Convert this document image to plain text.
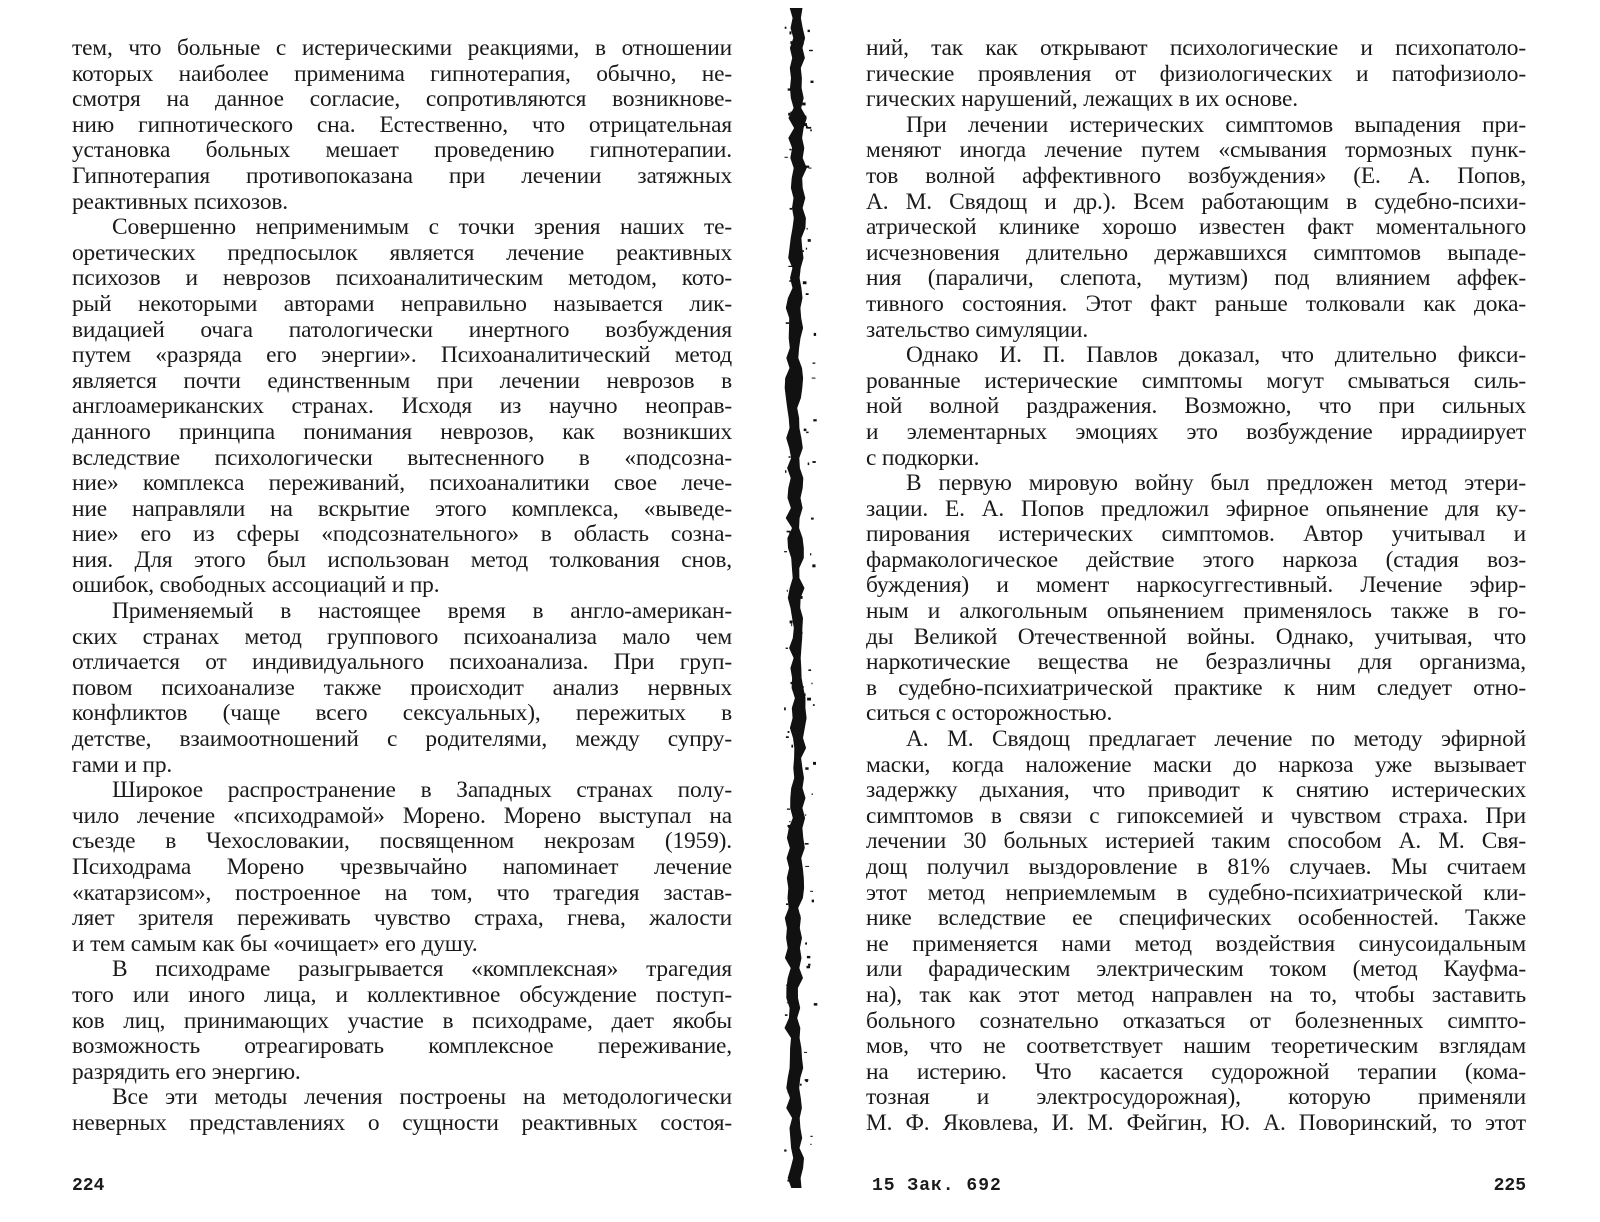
тем, что больные с истерическими реакциями, в отношении
которых наиболее применима гипнотерапия, обычно, не-
смотря на данное согласие, сопротивляются возникнове-
нию гипнотического сна. Естественно, что отрицательная
установка больных мешает проведению гипнотерапии.
Гипнотерапия противопоказана при лечении затяжных
реактивных психозов.
Совершенно неприменимым с точки зрения наших те-
оретических предпосылок является лечение реактивных
психозов и неврозов психоаналитическим методом, кото-
рый некоторыми авторами неправильно называется лик-
видацией очага патологически инертного возбуждения
путем «разряда его энергии». Психоаналитический метод
является почти единственным при лечении неврозов в
англоамериканских странах. Исходя из научно неоправ-
данного принципа понимания неврозов, как возникших
вследствие психологически вытесненного в «подсозна-
ние» комплекса переживаний, психоаналитики свое лече-
ние направляли на вскрытие этого комплекса, «выведе-
ние» его из сферы «подсознательного» в область созна-
ния. Для этого был использован метод толкования снов,
ошибок, свободных ассоциаций и пр.
Применяемый в настоящее время в англо-американ-
ских странах метод группового психоанализа мало чем
отличается от индивидуального психоанализа. При груп-
повом психоанализе также происходит анализ нервных
конфликтов (чаще всего сексуальных), пережитых в
детстве, взаимоотношений с родителями, между супру-
гами и пр.
Широкое распространение в Западных странах полу-
чило лечение «психодрамой» Морено. Морено выступал на
съезде в Чехословакии, посвященном некрозам (1959).
Психодрама Морено чрезвычайно напоминает лечение
«катарзисом», построенное на том, что трагедия застав-
ляет зрителя переживать чувство страха, гнева, жалости
и тем самым как бы «очищает» его душу.
В психодраме разыгрывается «комплексная» трагедия
того или иного лица, и коллективное обсуждение поступ-
ков лиц, принимающих участие в психодраме, дает якобы
возможность отреагировать комплексное переживание,
разрядить его энергию.
Все эти методы лечения построены на методологически
неверных представлениях о сущности реактивных состоя-
224
ний, так как открывают психологические и психопатоло-
гические проявления от физиологических и патофизиоло-
гических нарушений, лежащих в их основе.
При лечении истерических симптомов выпадения при-
меняют иногда лечение путем «смывания тормозных пунк-
тов волной аффективного возбуждения» (Е. А. Попов,
А. М. Свядощ и др.). Всем работающим в судебно-психи-
атрической клинике хорошо известен факт моментального
исчезновения длительно державшихся симптомов выпаде-
ния (параличи, слепота, мутизм) под влиянием аффек-
тивного состояния. Этот факт раньше толковали как дока-
зательство симуляции.
Однако И. П. Павлов доказал, что длительно фикси-
рованные истерические симптомы могут смываться силь-
ной волной раздражения. Возможно, что при сильных
и элементарных эмоциях это возбуждение иррадиирует
с подкорки.
В первую мировую войну был предложен метод этери-
зации. Е. А. Попов предложил эфирное опьянение для ку-
пирования истерических симптомов. Автор учитывал и
фармакологическое действие этого наркоза (стадия воз-
буждения) и момент наркосуггестивный. Лечение эфир-
ным и алкогольным опьянением применялось также в го-
ды Великой Отечественной войны. Однако, учитывая, что
наркотические вещества не безразличны для организма,
в судебно-психиатрической практике к ним следует отно-
ситься с осторожностью.
А. М. Свядощ предлагает лечение по методу эфирной
маски, когда наложение маски до наркоза уже вызывает
задержку дыхания, что приводит к снятию истерических
симптомов в связи с гипоксемией и чувством страха. При
лечении 30 больных истерией таким способом А. М. Свя-
дощ получил выздоровление в 81% случаев. Мы считаем
этот метод неприемлемым в судебно-психиатрической кли-
нике вследствие ее специфических особенностей. Также
не применяется нами метод воздействия синусоидальным
или фарадическим электрическим током (метод Кауфма-
на), так как этот метод направлен на то, чтобы заставить
больного сознательно отказаться от болезненных симпто-
мов, что не соответствует нашим теоретическим взглядам
на истерию. Что касается судорожной терапии (кома-
тозная и электросудорожная), которую применяли
М. Ф. Яковлева, И. М. Фейгин, Ю. А. Поворинский, то этот
15 Зак. 692	225
